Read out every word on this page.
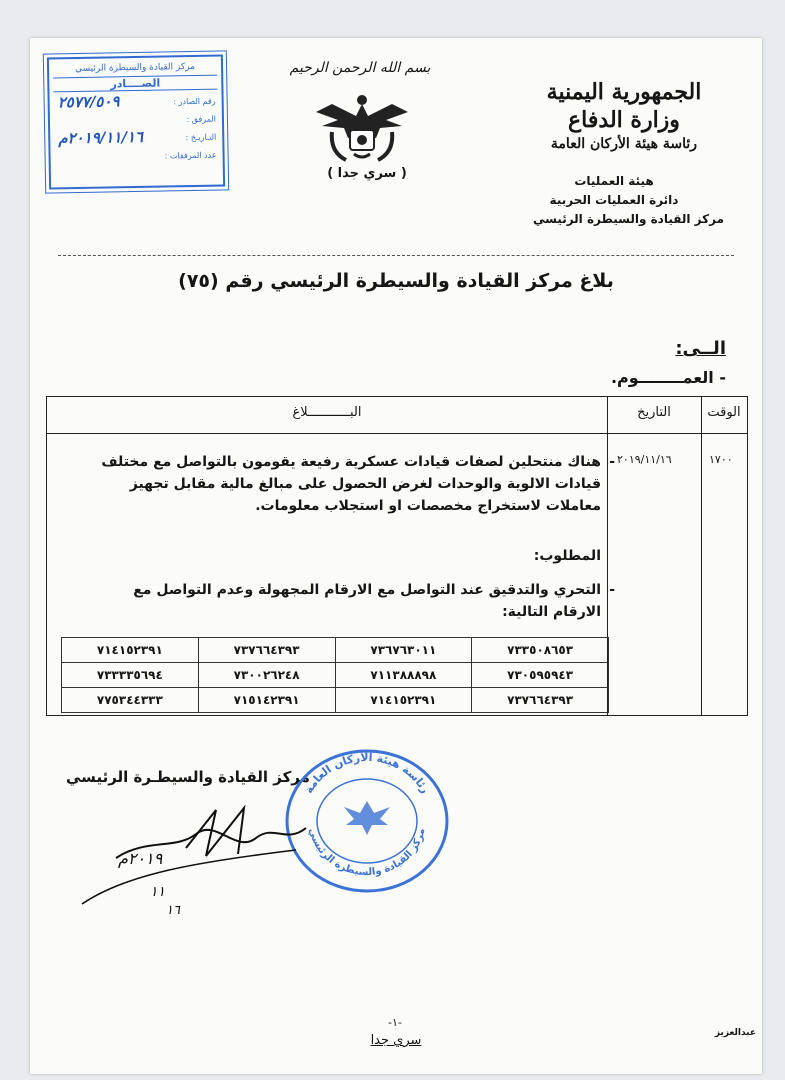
الجمهورية اليمنية
وزارة الدفاع
رئاسة هيئة الأركان العامة
هيئة العمليات
دائرة العمليات الحربية
مركز القيادة والسيطرة الرئيسي
بسم الله الرحمن الرحيم
( سري جدا )
مركز القيادة والسيطرة الرئيسي
الصــــادر
رقم الصادر :
٢٥٧٧/٥٠٩
المرفق :
التـاريـخ :
٢٠١٩/١١/١٦م
عدد المرفقات :
بلاغ مركز القيادة والسيطرة الرئيسي رقم (٧٥)
الــى:
- العمــــــــوم.
الوقت
التاريخ
البـــــــــــلاغ
١٧٠٠
٢٠١٩/١١/١٦
-
هناك منتحلين لصفات قيادات عسكرية رفيعة يقومون بالتواصل مع مختلف قيادات الالوية والوحدات لغرض الحصول على مبالغ مالية مقابل تجهيز معاملات لاستخراج مخصصات او استجلاب معلومات.
المطلوب:
-
التحري والتدقيق عند التواصل مع الارقام المجهولة وعدم التواصل مع الارقام التالية:
٧١٤١٥٢٣٩١	٧٣٧٦٦٤٣٩٣	٧٣٦٧٦٣٠١١	٧٣٣٥٠٨٦٥٣
٧٣٣٣٣٥٦٩٤	٧٣٠٠٢٦٢٤٨	٧١١٣٨٨٨٩٨	٧٣٠٥٩٥٩٤٣
٧٧٥٣٤٤٣٣٣	٧١٥١٤٢٣٩١	٧١٤١٥٢٣٩١	٧٣٧٦٦٤٣٩٣
مركز القيادة والسيطـرة الرئيسي
رئاسة هيئة الأركان العامة
مركز القيادة والسيطرة الرئيسي
٢٠١٩م
١١
١٦
-١-
سري جدا	عبدالعزيز
